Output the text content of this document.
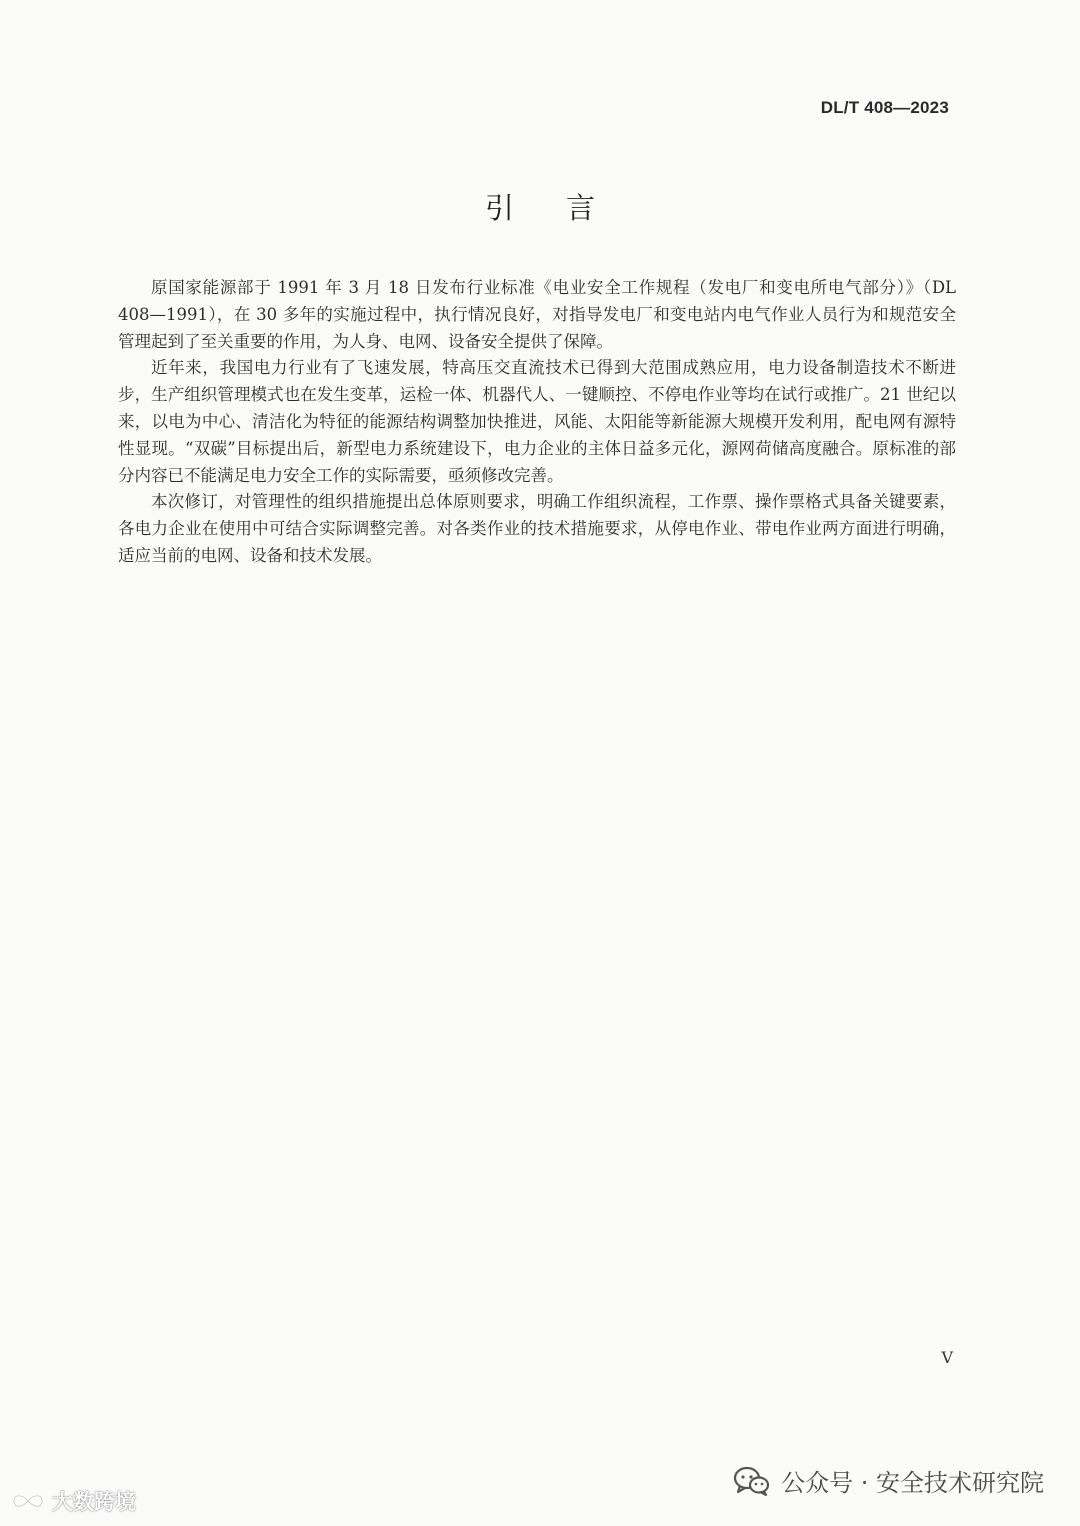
DL/T 408—2023
引言

原国家能源部于 1991 年 3 月 18 日发布行业标准《电业安全工作规程（发电厂和变电所电气部分）》（DL 408—1991），在 30 多年的实施过程中，执行情况良好，对指导发电厂和变电站内电气作业人员行为和规范安全管理起到了至关重要的作用，为人身、电网、设备安全提供了保障。

近年来，我国电力行业有了飞速发展，特高压交直流技术已得到大范围成熟应用，电力设备制造技术不断进步，生产组织管理模式也在发生变革，运检一体、机器代人、一键顺控、不停电作业等均在试行或推广。21 世纪以来，以电为中心、清洁化为特征的能源结构调整加快推进，风能、太阳能等新能源大规模开发利用，配电网有源特性显现。“双碳”目标提出后，新型电力系统建设下，电力企业的主体日益多元化，源网荷储高度融合。原标准的部分内容已不能满足电力安全工作的实际需要，亟须修改完善。

本次修订，对管理性的组织措施提出总体原则要求，明确工作组织流程，工作票、操作票格式具备关键要素，各电力企业在使用中可结合实际调整完善。对各类作业的技术措施要求，从停电作业、带电作业两方面进行明确，适应当前的电网、设备和技术发展。

V
大数跨境
公众号 · 安全技术研究院
